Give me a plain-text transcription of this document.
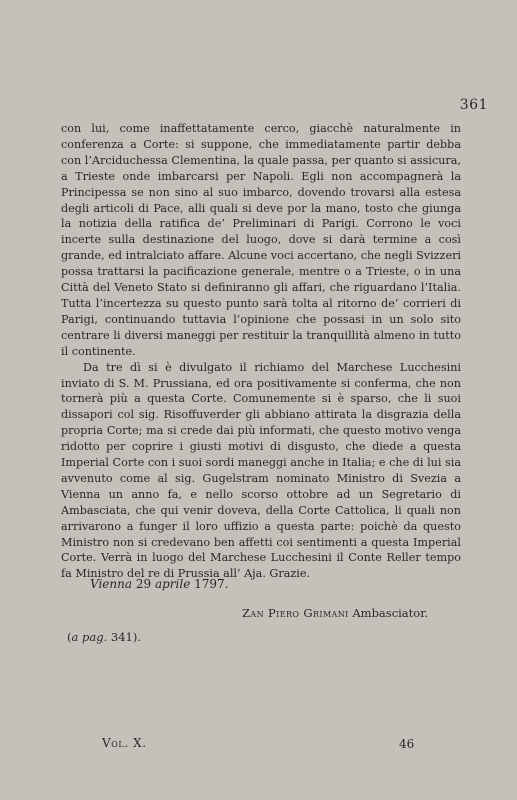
361

con lui, come inaffettatamente cerco, giacchè naturalmente in conferenza a Corte: si suppone, che immediatamente partir debba con l’Arciduchessa Clementina, la quale passa, per quanto si assicura, a Trieste onde imbarcarsi per Napoli. Egli non accompagnerà la Principessa se non sino al suo imbarco, dovendo trovarsi alla estesa degli articoli di Pace, alli quali si deve por la mano, tosto che giunga la notizia della ratifica de’ Preliminari di Parigi. Corrono le voci incerte sulla destinazione del luogo, dove si darà termine a così grande, ed intralciato affare. Alcune voci accertano, che negli Svizzeri possa trattarsi la pacificazione generale, mentre o a Trieste, o in una Città del Veneto Stato si definiranno gli affari, che riguardano l’Italia. Tutta l’incertezza su questo punto sarà tolta al ritorno de’ corrieri di Parigi, continuando tuttavia l’opinione che possasi in un solo sito centrare li diversi maneggi per restituir la tranquillità almeno in tutto il continente.

Da tre dì si è divulgato il richiamo del Marchese Lucchesini inviato di S. M. Prussiana, ed ora positivamente si conferma, che non tornerà più a questa Corte. Comunemente si è sparso, che li suoi dissapori col sig. Risoffuverder gli abbiano attirata la disgrazia della propria Corte; ma si crede dai più informati, che questo motivo venga ridotto per coprire i giusti motivi di disgusto, che diede a questa Imperial Corte con i suoi sordi maneggi anche in Italia; e che di lui sia avvenuto come al sig. Gugelstram nominato Ministro di Svezia a Vienna un anno fa, e nello scorso ottobre ad un Segretario di Ambasciata, che qui venir doveva, della Corte Cattolica, li quali non arrivarono a funger il loro uffizio a questa parte: poichè da questo Ministro non si credevano ben affetti coi sentimenti a questa Imperial Corte. Verrà in luogo del Marchese Lucchesini il Conte Reller tempo fa Ministro del re di Prussia all’ Aja. Grazie.

Vienna 29 aprile 1797.
Zan Piero Grimani Ambasciator.
(a pag. 341).
Vol. X.	46
